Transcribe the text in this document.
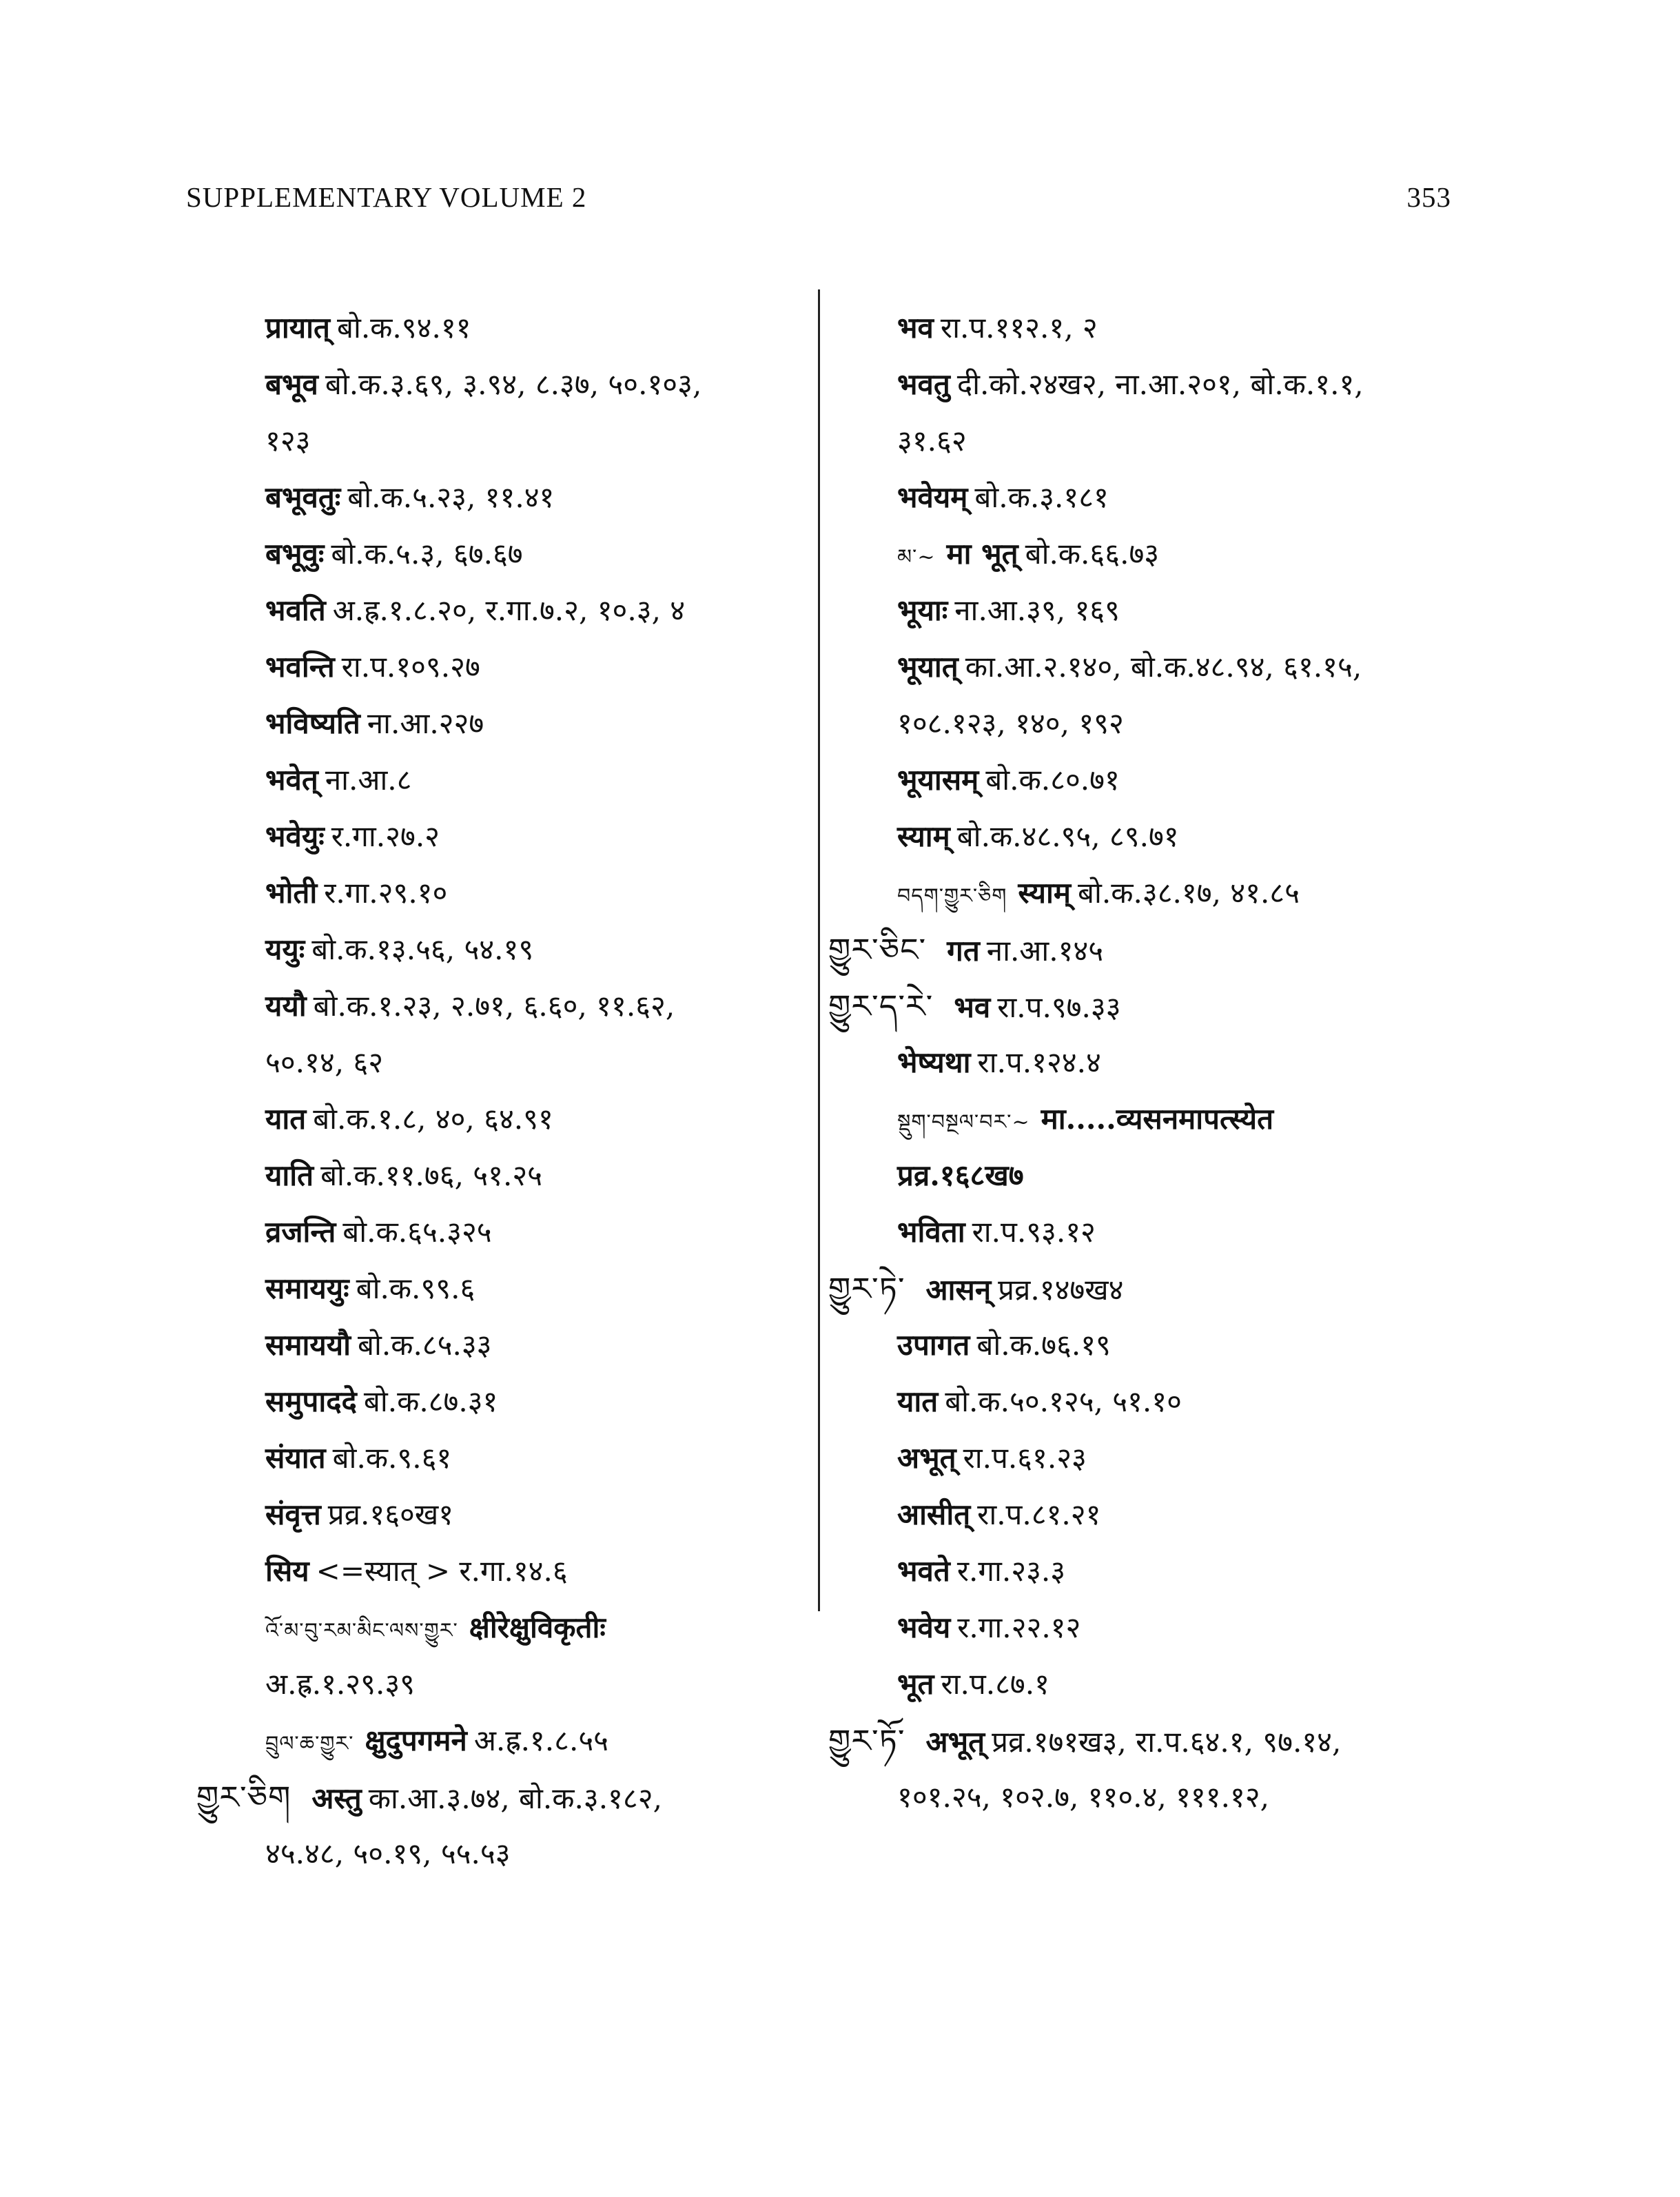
SUPPLEMENTARY VOLUME 2	353
प्रायात् बो.क.९४.११
बभूव बो.क.३.६९, ३.९४, ८.३७, ५०.१०३,
१२३
बभूवतुः बो.क.५.२३, ११.४१
बभूवुः बो.क.५.३, ६७.६७
भवति अ.ह्र.१.८.२०, र.गा.७.२, १०.३, ४
भवन्ति रा.प.१०९.२७
भविष्यति ना.आ.२२७
भवेत् ना.आ.८
भवेयुः र.गा.२७.२
भोती र.गा.२९.१०
ययुः बो.क.१३.५६, ५४.१९
ययौ बो.क.१.२३, २.७१, ६.६०, ११.६२,
५०.१४, ६२
यात बो.क.१.८, ४०, ६४.९१
याति बो.क.११.७६, ५१.२५
व्रजन्ति बो.क.६५.३२५
समाययुः बो.क.९९.६
समाययौ बो.क.८५.३३
समुपाददे बो.क.८७.३१
संयात बो.क.९.६१
संवृत्त प्रव्र.१६०ख१
सिय <=स्यात् > र.गा.१४.६
འོ་མ་བུ་རམ་མིང་ལས་གྱུར་ क्षीरेक्षुविकृतीः
अ.ह्र.१.२९.३९
བྲུལ་ཆ་གྱུར་ क्षुदुपगमने अ.ह्र.१.८.५५
གྱུར་ཅིག अस्तु का.आ.३.७४, बो.क.३.१८२,
४५.४८, ५०.१९, ५५.५३
भव रा.प.११२.१, २
भवतु दी.को.२४ख२, ना.आ.२०१, बो.क.१.१,
३१.६२
भवेयम् बो.क.३.१८१
མ་~ मा भूत् बो.क.६६.७३
भूयाः ना.आ.३९, १६९
भूयात् का.आ.२.१४०, बो.क.४८.९४, ६१.१५,
१०८.१२३, १४०, १९२
भूयासम् बो.क.८०.७१
स्याम् बो.क.४८.९५, ८९.७१
བདག་གྱུར་ཅིག स्याम् बो.क.३८.१७, ४१.८५
གྱུར་ཅིང་ गत ना.आ.१४५
གྱུར་ད་རེ་ भव रा.प.९७.३३
भेष्यथा रा.प.१२४.४
སྡུག་བསྔལ་བར་~ मा.....व्यसनमापत्स्येत
प्रव्र.१६८ख७
भविता रा.प.९३.१२
གྱུར་ཏེ་ आसन् प्रव्र.१४७ख४
उपागत बो.क.७६.१९
यात बो.क.५०.१२५, ५१.१०
अभूत् रा.प.६१.२३
आसीत् रा.प.८१.२१
भवते र.गा.२३.३
भवेय र.गा.२२.१२
भूत रा.प.८७.१
གྱུར་ཏོ་ अभूत् प्रव्र.१७१ख३, रा.प.६४.१, ९७.१४,
१०१.२५, १०२.७, ११०.४, १११.१२,
